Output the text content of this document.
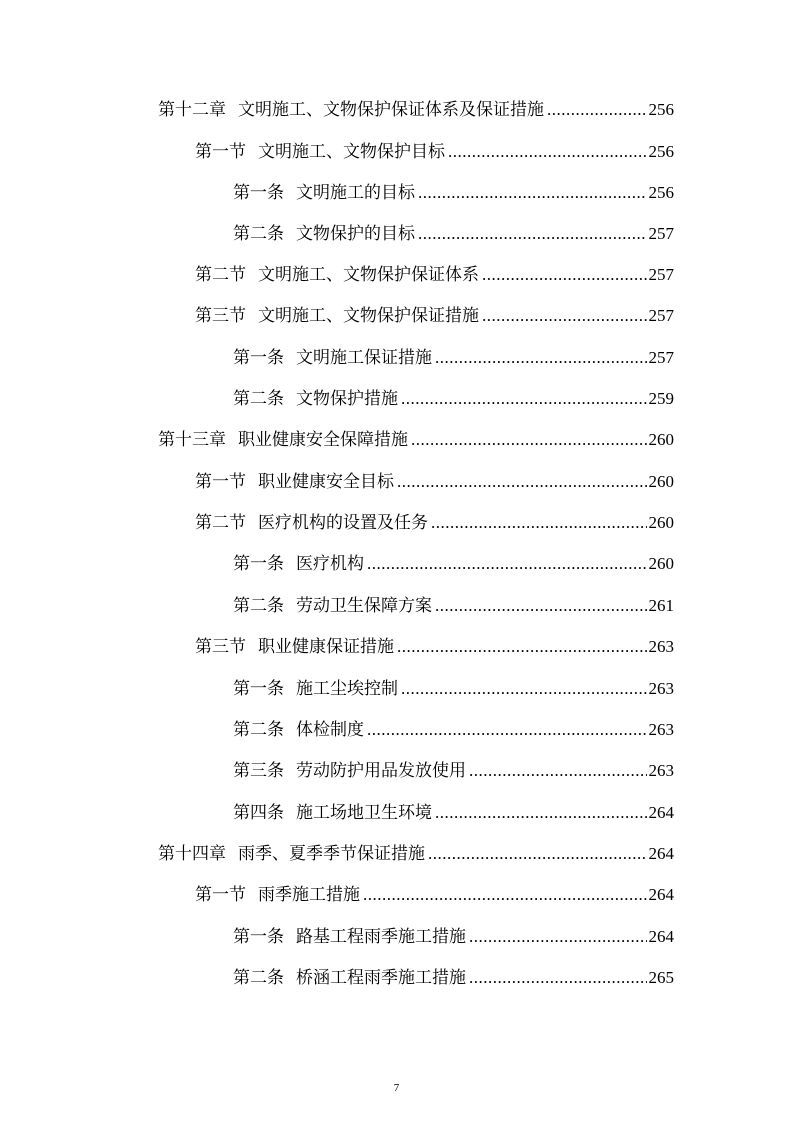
第十二章 文明施工、文物保护保证体系及保证措施 .....	256
第一节 文明施工、文物保护目标 .....	256
第一条 文明施工的目标 .....	256
第二条 文物保护的目标 .....	257
第二节 文明施工、文物保护保证体系 .....	257
第三节 文明施工、文物保护保证措施 .....	257
第一条 文明施工保证措施 .....	257
第二条 文物保护措施 .....	259
第十三章 职业健康安全保障措施 .....	260
第一节 职业健康安全目标 .....	260
第二节 医疗机构的设置及任务 .....	260
第一条 医疗机构 .....	260
第二条 劳动卫生保障方案 .....	261
第三节 职业健康保证措施 .....	263
第一条 施工尘埃控制 .....	263
第二条 体检制度 .....	263
第三条 劳动防护用品发放使用 .....	263
第四条 施工场地卫生环境 .....	264
第十四章 雨季、夏季季节保证措施 .....	264
第一节 雨季施工措施 .....	264
第一条 路基工程雨季施工措施 .....	264
第二条 桥涵工程雨季施工措施 .....	265
7
